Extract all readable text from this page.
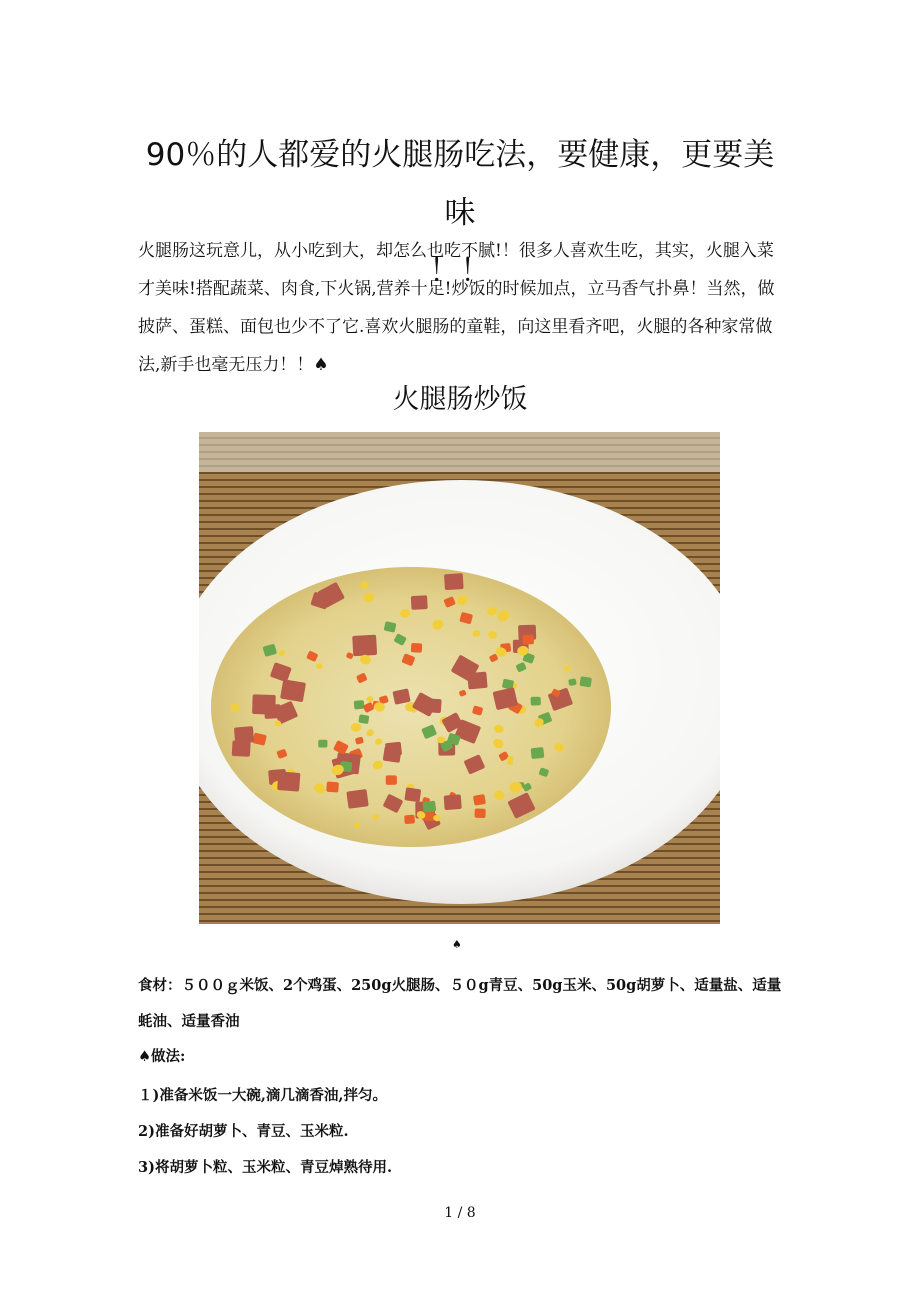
90％的人都爱的火腿肠吃法，要健康，更要美味
！！

火腿肠这玩意儿，从小吃到大，却怎么也吃不腻!！很多人喜欢生吃，其实，火腿入菜才美味!搭配蔬菜、肉食,下火锅,营养十足!炒饭的时候加点，立马香气扑鼻！当然，做披萨、蛋糕、面包也少不了它.喜欢火腿肠的童鞋，向这里看齐吧，火腿的各种家常做法,新手也毫无压力！！♠

火腿肠炒饭
♠

食材：５００ｇ米饭、2个鸡蛋、250g火腿肠、５０g青豆、50g玉米、50g胡萝卜、适量盐、适量蚝油、适量香油

♠做法:

１)准备米饭一大碗,滴几滴香油,拌匀。

2)准备好胡萝卜、青豆、玉米粒.

3)将胡萝卜粒、玉米粒、青豆焯熟待用.

1 / 8
